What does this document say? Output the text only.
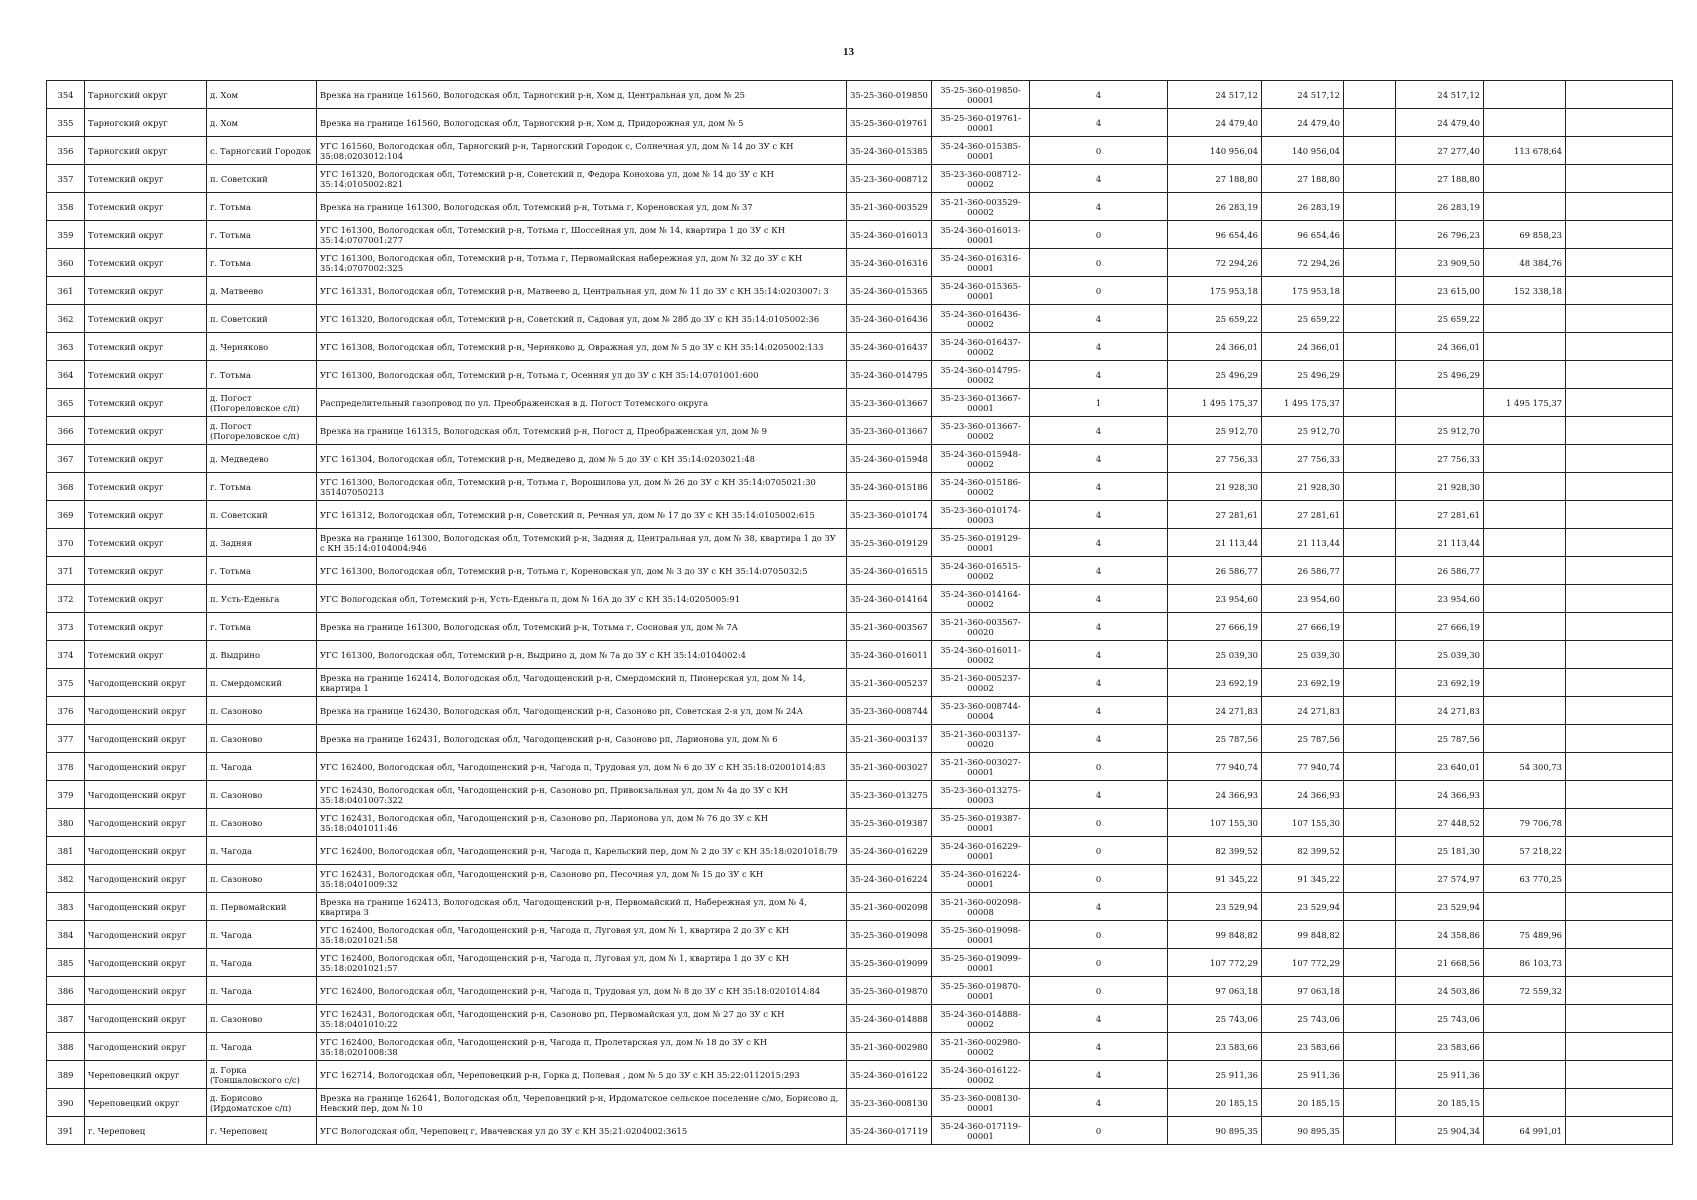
13
354	Тарногский округ	д. Хом	Врезка на границе 161560, Вологодская обл, Тарногский р-н, Хом д, Центральная ул, дом № 25	35-25-360-019850	35-25-360-019850-00001	4	24 517,12	24 517,12		24 517,12		
355	Тарногский округ	д. Хом	Врезка на границе 161560, Вологодская обл, Тарногский р-н, Хом д, Придорожная ул, дом № 5	35-25-360-019761	35-25-360-019761-00001	4	24 479,40	24 479,40		24 479,40		
356	Тарногский округ	с. Тарногский Городок	УГС 161560, Вологодская обл, Тарногский р-н, Тарногский Городок с, Солнечная ул, дом № 14 до ЗУ с КН 35:08:0203012:104	35-24-360-015385	35-24-360-015385-00001	0	140 956,04	140 956,04		27 277,40	113 678,64	
357	Тотемский округ	п. Советский	УГС 161320, Вологодская обл, Тотемский р-н, Советский п, Федора Конохова ул, дом № 14 до ЗУ с КН 35:14:0105002:821	35-23-360-008712	35-23-360-008712-00002	4	27 188,80	27 188,80		27 188,80		
358	Тотемский округ	г. Тотьма	Врезка на границе 161300, Вологодская обл, Тотемский р-н, Тотьма г, Кореновская ул, дом № 37	35-21-360-003529	35-21-360-003529-00002	4	26 283,19	26 283,19		26 283,19		
359	Тотемский округ	г. Тотьма	УГС 161300, Вологодская обл, Тотемский р-н, Тотьма г, Шоссейная ул, дом № 14, квартира 1 до ЗУ с КН 35:14:0707001:277	35-24-360-016013	35-24-360-016013-00001	0	96 654,46	96 654,46		26 796,23	69 858,23	
360	Тотемский округ	г. Тотьма	УГС 161300, Вологодская обл, Тотемский р-н, Тотьма г, Первомайская набережная ул, дом № 32 до ЗУ с КН 35:14:0707002:325	35-24-360-016316	35-24-360-016316-00001	0	72 294,26	72 294,26		23 909,50	48 384,76	
361	Тотемский округ	д. Матвеево	УГС 161331, Вологодская обл, Тотемский р-н, Матвеево д, Центральная ул, дом № 11 до ЗУ с КН 35:14:0203007: 3	35-24-360-015365	35-24-360-015365-00001	0	175 953,18	175 953,18		23 615,00	152 338,18	
362	Тотемский округ	п. Советский	УГС 161320, Вологодская обл, Тотемский р-н, Советский п, Садовая ул, дом № 28б до ЗУ с КН 35:14:0105002:36	35-24-360-016436	35-24-360-016436-00002	4	25 659,22	25 659,22		25 659,22		
363	Тотемский округ	д. Черняково	УГС 161308, Вологодская обл, Тотемский р-н, Черняково д, Овражная ул, дом № 5 до ЗУ с КН 35:14:0205002:133	35-24-360-016437	35-24-360-016437-00002	4	24 366,01	24 366,01		24 366,01		
364	Тотемский округ	г. Тотьма	УГС 161300, Вологодская обл, Тотемский р-н, Тотьма г, Осенняя ул до ЗУ с КН 35:14:0701001:600	35-24-360-014795	35-24-360-014795-00002	4	25 496,29	25 496,29		25 496,29		
365	Тотемский округ	д. Погост (Погореловское с/п)	Распределительный газопровод по ул. Преображенская в д. Погост Тотемского округа	35-23-360-013667	35-23-360-013667-00001	1	1 495 175,37	1 495 175,37			1 495 175,37	
366	Тотемский округ	д. Погост (Погореловское с/п)	Врезка на границе 161315, Вологодская обл, Тотемский р-н, Погост д, Преображенская ул, дом № 9	35-23-360-013667	35-23-360-013667-00002	4	25 912,70	25 912,70		25 912,70		
367	Тотемский округ	д. Медведево	УГС 161304, Вологодская обл, Тотемский р-н, Медведево д, дом № 5 до ЗУ с КН 35:14:0203021:48	35-24-360-015948	35-24-360-015948-00002	4	27 756,33	27 756,33		27 756,33		
368	Тотемский округ	г. Тотьма	УГС 161300, Вологодская обл, Тотемский р-н, Тотьма г, Ворошилова ул, дом № 26 до ЗУ с КН 35:14:0705021:30 351407050213	35-24-360-015186	35-24-360-015186-00002	4	21 928,30	21 928,30		21 928,30		
369	Тотемский округ	п. Советский	УГС 161312, Вологодская обл, Тотемский р-н, Советский п, Речная ул, дом № 17 до ЗУ с КН 35:14:0105002:615	35-23-360-010174	35-23-360-010174-00003	4	27 281,61	27 281,61		27 281,61		
370	Тотемский округ	д. Задняя	Врезка на границе 161300, Вологодская обл, Тотемский р-н, Задняя д, Центральная ул, дом № 38, квартира 1 до ЗУ с КН 35:14:0104004:946	35-25-360-019129	35-25-360-019129-00001	4	21 113,44	21 113,44		21 113,44		
371	Тотемский округ	г. Тотьма	УГС 161300, Вологодская обл, Тотемский р-н, Тотьма г, Кореновская ул, дом № 3 до ЗУ с КН 35:14:0705032:5	35-24-360-016515	35-24-360-016515-00002	4	26 586,77	26 586,77		26 586,77		
372	Тотемский округ	п. Усть-Еденьга	УГС Вологодская обл, Тотемский р-н, Усть-Еденьга п, дом № 16А до ЗУ с КН 35:14:0205005:91	35-24-360-014164	35-24-360-014164-00002	4	23 954,60	23 954,60		23 954,60		
373	Тотемский округ	г. Тотьма	Врезка на границе 161300, Вологодская обл, Тотемский р-н, Тотьма г, Сосновая ул, дом № 7А	35-21-360-003567	35-21-360-003567-00020	4	27 666,19	27 666,19		27 666,19		
374	Тотемский округ	д. Выдрино	УГС 161300, Вологодская обл, Тотемский р-н, Выдрино д, дом № 7а до ЗУ с КН 35:14:0104002:4	35-24-360-016011	35-24-360-016011-00002	4	25 039,30	25 039,30		25 039,30		
375	Чагодощенский округ	п. Смердомский	Врезка на границе 162414, Вологодская обл, Чагодощенский р-н, Смердомский п, Пионерская ул, дом № 14, квартира 1	35-21-360-005237	35-21-360-005237-00002	4	23 692,19	23 692,19		23 692,19		
376	Чагодощенский округ	п. Сазоново	Врезка на границе 162430, Вологодская обл, Чагодощенский р-н, Сазоново рп, Советская 2-я ул, дом № 24А	35-23-360-008744	35-23-360-008744-00004	4	24 271,83	24 271,83		24 271,83		
377	Чагодощенский округ	п. Сазоново	Врезка на границе 162431, Вологодская обл, Чагодощенский р-н, Сазоново рп, Ларионова ул, дом № 6	35-21-360-003137	35-21-360-003137-00020	4	25 787,56	25 787,56		25 787,56		
378	Чагодощенский округ	п. Чагода	УГС 162400, Вологодская обл, Чагодощенский р-н, Чагода п, Трудовая ул, дом № 6 до ЗУ с КН 35:18:02001014:83	35-21-360-003027	35-21-360-003027-00001	0	77 940,74	77 940,74		23 640,01	54 300,73	
379	Чагодощенский округ	п. Сазоново	УГС 162430, Вологодская обл, Чагодощенский р-н, Сазоново рп, Привокзальная ул, дом № 4а до ЗУ с КН 35:18:0401007:322	35-23-360-013275	35-23-360-013275-00003	4	24 366,93	24 366,93		24 366,93		
380	Чагодощенский округ	п. Сазоново	УГС 162431, Вологодская обл, Чагодощенский р-н, Сазоново рп, Ларионова ул, дом № 76 до ЗУ с КН 35:18:0401011:46	35-25-360-019387	35-25-360-019387-00001	0	107 155,30	107 155,30		27 448,52	79 706,78	
381	Чагодощенский округ	п. Чагода	УГС 162400, Вологодская обл, Чагодощенский р-н, Чагода п, Карельский пер, дом № 2 до ЗУ с КН 35:18:0201018:79	35-24-360-016229	35-24-360-016229-00001	0	82 399,52	82 399,52		25 181,30	57 218,22	
382	Чагодощенский округ	п. Сазоново	УГС 162431, Вологодская обл, Чагодощенский р-н, Сазоново рп, Песочная ул, дом № 15 до ЗУ с КН 35:18:0401009:32	35-24-360-016224	35-24-360-016224-00001	0	91 345,22	91 345,22		27 574,97	63 770,25	
383	Чагодощенский округ	п. Первомайский	Врезка на границе 162413, Вологодская обл, Чагодощенский р-н, Первомайский п, Набережная ул, дом № 4, квартира 3	35-21-360-002098	35-21-360-002098-00008	4	23 529,94	23 529,94		23 529,94		
384	Чагодощенский округ	п. Чагода	УГС 162400, Вологодская обл, Чагодощенский р-н, Чагода п, Луговая ул, дом № 1, квартира 2 до ЗУ с КН 35:18:0201021:58	35-25-360-019098	35-25-360-019098-00001	0	99 848,82	99 848,82		24 358,86	75 489,96	
385	Чагодощенский округ	п. Чагода	УГС 162400, Вологодская обл, Чагодощенский р-н, Чагода п, Луговая ул, дом № 1, квартира 1 до ЗУ с КН 35:18:0201021:57	35-25-360-019099	35-25-360-019099-00001	0	107 772,29	107 772,29		21 668,56	86 103,73	
386	Чагодощенский округ	п. Чагода	УГС 162400, Вологодская обл, Чагодощенский р-н, Чагода п, Трудовая ул, дом № 8 до ЗУ с КН 35:18:0201014:84	35-25-360-019870	35-25-360-019870-00001	0	97 063,18	97 063,18		24 503,86	72 559,32	
387	Чагодощенский округ	п. Сазоново	УГС 162431, Вологодская обл, Чагодощенский р-н, Сазоново рп, Первомайская ул, дом № 27 до ЗУ с КН 35:18:0401010:22	35-24-360-014888	35-24-360-014888-00002	4	25 743,06	25 743,06		25 743,06		
388	Чагодощенский округ	п. Чагода	УГС 162400, Вологодская обл, Чагодощенский р-н, Чагода п, Пролетарская ул, дом № 18 до ЗУ с КН 35:18:0201008:38	35-21-360-002980	35-21-360-002980-00002	4	23 583,66	23 583,66		23 583,66		
389	Череповецкий округ	д. Горка (Тоншаловского с/с)	УГС 162714, Вологодская обл, Череповецкий р-н, Горка д, Полевая , дом № 5 до ЗУ с КН 35:22:0112015:293	35-24-360-016122	35-24-360-016122-00002	4	25 911,36	25 911,36		25 911,36		
390	Череповецкий округ	д. Борисово (Ирдоматское с/п)	Врезка на границе 162641, Вологодская обл, Череповецкий р-н, Ирдоматское сельское поселение с/мо, Борисово д, Невский пер, дом № 10	35-23-360-008130	35-23-360-008130-00001	4	20 185,15	20 185,15		20 185,15		
391	г. Череповец	г. Череповец	УГС Вологодская обл, Череповец г, Ивачевская ул до ЗУ с КН 35:21:0204002:3615	35-24-360-017119	35-24-360-017119-00001	0	90 895,35	90 895,35		25 904,34	64 991,01	
